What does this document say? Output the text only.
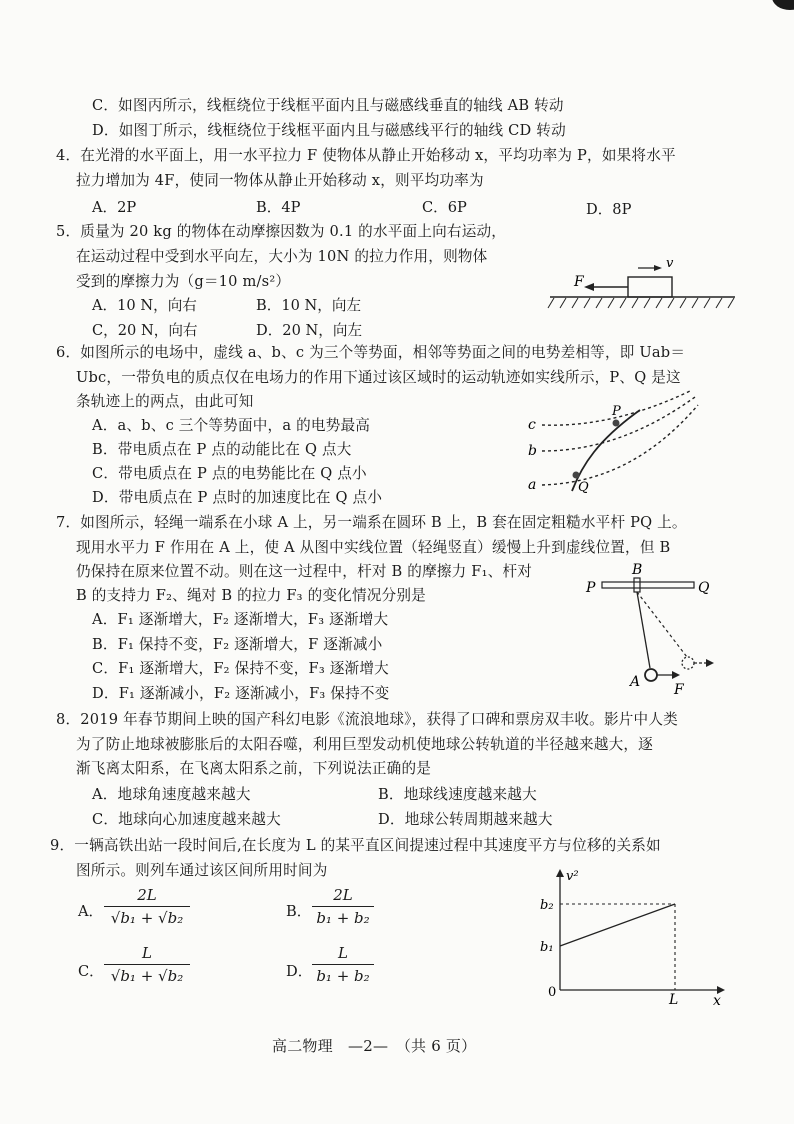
C．如图丙所示，线框绕位于线框平面内且与磁感线垂直的轴线 AB 转动
D．如图丁所示，线框绕位于线框平面内且与磁感线平行的轴线 CD 转动
4．在光滑的水平面上，用一水平拉力 F 使物体从静止开始移动 x，平均功率为 P，如果将水平
拉力增加为 4F，使同一物体从静止开始移动 x，则平均功率为
A．2P	B．4P	C．6P	D．8P
5．质量为 20 kg 的物体在动摩擦因数为 0.1 的水平面上向右运动，
在运动过程中受到水平向左，大小为 10N 的拉力作用，则物体
受到的摩擦力为（g＝10 m/s²）
A．10 N，向右	B．10 N，向左
C，20 N，向右	D．20 N，向左
v
F
6．如图所示的电场中，虚线 a、b、c 为三个等势面，相邻等势面之间的电势差相等，即 Uab＝
Ubc，一带负电的质点仅在电场力的作用下通过该区域时的运动轨迹如实线所示，P、Q 是这
条轨迹上的两点，由此可知
A．a、b、c 三个等势面中，a 的电势最高
B．带电质点在 P 点的动能比在 Q 点大
C．带电质点在 P 点的电势能比在 Q 点小
D．带电质点在 P 点时的加速度比在 Q 点小
c
b
a
P
Q
7．如图所示，轻绳一端系在小球 A 上，另一端系在圆环 B 上，B 套在固定粗糙水平杆 PQ 上。
现用水平力 F 作用在 A 上，使 A 从图中实线位置（轻绳竖直）缓慢上升到虚线位置，但 B
仍保持在原来位置不动。则在这一过程中，杆对 B 的摩擦力 F₁、杆对
B 的支持力 F₂、绳对 B 的拉力 F₃ 的变化情况分别是
A．F₁ 逐渐增大，F₂ 逐渐增大，F₃ 逐渐增大
B．F₁ 保持不变，F₂ 逐渐增大，F 逐渐减小
C．F₁ 逐渐增大，F₂ 保持不变，F₃ 逐渐增大
D．F₁ 逐渐减小，F₂ 逐渐减小，F₃ 保持不变
P
B
Q
A F
8．2019 年春节期间上映的国产科幻电影《流浪地球》，获得了口碑和票房双丰收。影片中人类
为了防止地球被膨胀后的太阳吞噬，利用巨型发动机使地球公转轨道的半径越来越大，逐
渐飞离太阳系，在飞离太阳系之前，下列说法正确的是
A．地球角速度越来越大	B．地球线速度越来越大
C．地球向心加速度越来越大	D．地球公转周期越来越大
9．一辆高铁出站一段时间后,在长度为 L 的某平直区间提速过程中其速度平方与位移的关系如
图所示。则列车通过该区间所用时间为
A． $\frac{2L}{\text{√b₁ + √b₂}}$	B． $\frac{2L}{\text{b₁ + b₂}}$
C． $\frac{L}{\text{√b₁ + √b₂}}$	D． $\frac{L}{\text{b₁ + b₂}}$
v²
b₂
b₁
0	L x
高二物理　—2—　（共 6 页）
